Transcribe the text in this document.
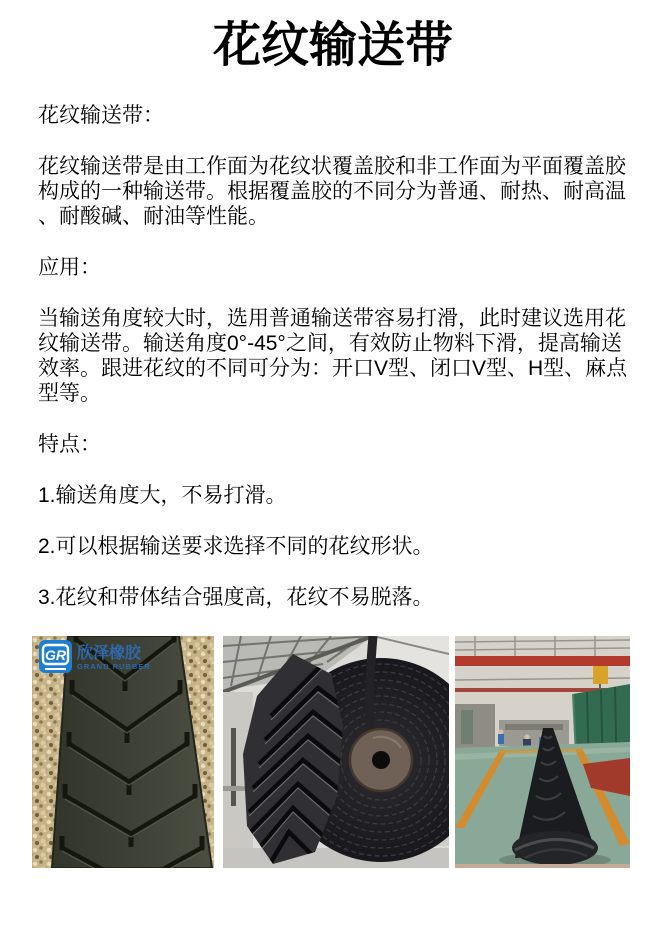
花纹输送带

花纹输送带：

花纹输送带是由工作面为花纹状覆盖胶和非工作面为平面覆盖胶构成的一种输送带。根据覆盖胶的不同分为普通、耐热、耐高温、耐酸碱、耐油等性能。

应用：

当输送角度较大时，选用普通输送带容易打滑，此时建议选用花纹输送带。输送角度0°-45°之间，有效防止物料下滑，提高输送效率。跟进花纹的不同可分为：开口V型、闭口V型、H型、麻点型等。

特点：

1.输送角度大，不易打滑。

2.可以根据输送要求选择不同的花纹形状。

3.花纹和带体结合强度高，花纹不易脱落。

GR 欣泽橡胶
GRAND RUBBER
